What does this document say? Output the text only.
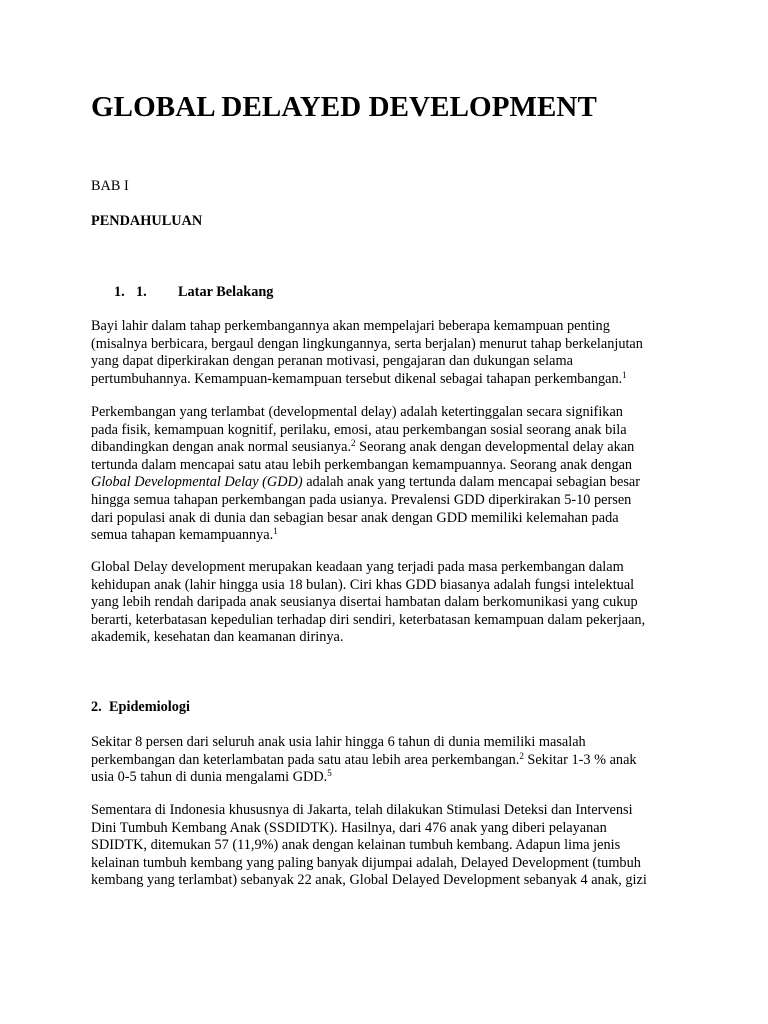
GLOBAL DELAYED DEVELOPMENT
BAB I
PENDAHULUAN
1. 1. Latar Belakang

Bayi lahir dalam tahap perkembangannya akan mempelajari beberapa kemampuan penting
(misalnya berbicara, bergaul dengan lingkungannya, serta berjalan) menurut tahap berkelanjutan
yang dapat diperkirakan dengan peranan motivasi, pengajaran dan dukungan selama
pertumbuhannya. Kemampuan-kemampuan tersebut dikenal sebagai tahapan perkembangan.$^1$

Perkembangan yang terlambat (developmental delay) adalah ketertinggalan secara signifikan
pada fisik, kemampuan kognitif, perilaku, emosi, atau perkembangan sosial seorang anak bila
dibandingkan dengan anak normal seusianya.$^2$ Seorang anak dengan developmental delay akan
tertunda dalam mencapai satu atau lebih perkembangan kemampuannya. Seorang anak dengan
Global Developmental Delay (GDD) adalah anak yang tertunda dalam mencapai sebagian besar
hingga semua tahapan perkembangan pada usianya. Prevalensi GDD diperkirakan 5-10 persen
dari populasi anak di dunia dan sebagian besar anak dengan GDD memiliki kelemahan pada
semua tahapan kemampuannya.$^1$

Global Delay development merupakan keadaan yang terjadi pada masa perkembangan dalam
kehidupan anak (lahir hingga usia 18 bulan). Ciri khas GDD biasanya adalah fungsi intelektual
yang lebih rendah daripada anak seusianya disertai hambatan dalam berkomunikasi yang cukup
berarti, keterbatasan kepedulian terhadap diri sendiri, keterbatasan kemampuan dalam pekerjaan,
akademik, kesehatan dan keamanan dirinya.

2. Epidemiologi

Sekitar 8 persen dari seluruh anak usia lahir hingga 6 tahun di dunia memiliki masalah
perkembangan dan keterlambatan pada satu atau lebih area perkembangan.$^2$ Sekitar 1-3 % anak
usia 0-5 tahun di dunia mengalami GDD.$^5$

Sementara di Indonesia khususnya di Jakarta, telah dilakukan Stimulasi Deteksi dan Intervensi
Dini Tumbuh Kembang Anak (SSDIDTK). Hasilnya, dari 476 anak yang diberi pelayanan
SDIDTK, ditemukan 57 (11,9%) anak dengan kelainan tumbuh kembang. Adapun lima jenis
kelainan tumbuh kembang yang paling banyak dijumpai adalah, Delayed Development (tumbuh
kembang yang terlambat) sebanyak 22 anak, Global Delayed Development sebanyak 4 anak, gizi
